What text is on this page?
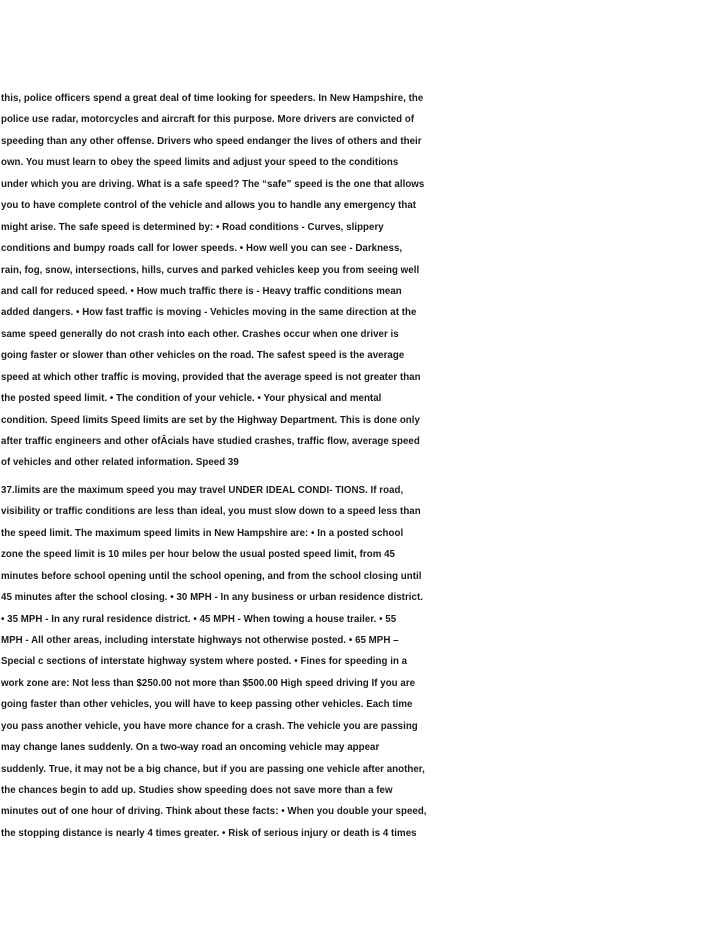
this, police officers spend a great deal of time looking for speeders. In New Hampshire, the
police use radar, motorcycles and aircraft for this purpose. More drivers are convicted of
speeding than any other offense. Drivers who speed endanger the lives of others and their
own. You must learn to obey the speed limits and adjust your speed to the conditions
under which you are driving. What is a safe speed? The “safe” speed is the one that allows
you to have complete control of the vehicle and allows you to handle any emergency that
might arise. The safe speed is determined by: • Road conditions - Curves, slippery
conditions and bumpy roads call for lower speeds. • How well you can see - Darkness,
rain, fog, snow, intersections, hills, curves and parked vehicles keep you from seeing well
and call for reduced speed. • How much traffic there is - Heavy traffic conditions mean
added dangers. • How fast traffic is moving - Vehicles moving in the same direction at the
same speed generally do not crash into each other. Crashes occur when one driver is
going faster or slower than other vehicles on the road. The safest speed is the average
speed at which other traffic is moving, provided that the average speed is not greater than
the posted speed limit. • The condition of your vehicle. • Your physical and mental
condition. Speed limits Speed limits are set by the Highway Department. This is done only
after traffic engineers and other ofÂcials have studied crashes, traffic flow, average speed
of vehicles and other related information. Speed 39
37.limits are the maximum speed you may travel UNDER IDEAL CONDI- TIONS. If road,
visibility or traffic conditions are less than ideal, you must slow down to a speed less than
the speed limit. The maximum speed limits in New Hampshire are: • In a posted school
zone the speed limit is 10 miles per hour below the usual posted speed limit, from 45
minutes before school opening until the school opening, and from the school closing until
45 minutes after the school closing. • 30 MPH - In any business or urban residence district.
• 35 MPH - In any rural residence district. • 45 MPH - When towing a house trailer. • 55
MPH - All other areas, including interstate highways not otherwise posted. • 65 MPH –
Special c sections of interstate highway system where posted. • Fines for speeding in a
work zone are: Not less than $250.00 not more than $500.00 High speed driving If you are
going faster than other vehicles, you will have to keep passing other vehicles. Each time
you pass another vehicle, you have more chance for a crash. The vehicle you are passing
may change lanes suddenly. On a two-way road an oncoming vehicle may appear
suddenly. True, it may not be a big chance, but if you are passing one vehicle after another,
the chances begin to add up. Studies show speeding does not save more than a few
minutes out of one hour of driving. Think about these facts: • When you double your speed,
the stopping distance is nearly 4 times greater. • Risk of serious injury or death is 4 times
